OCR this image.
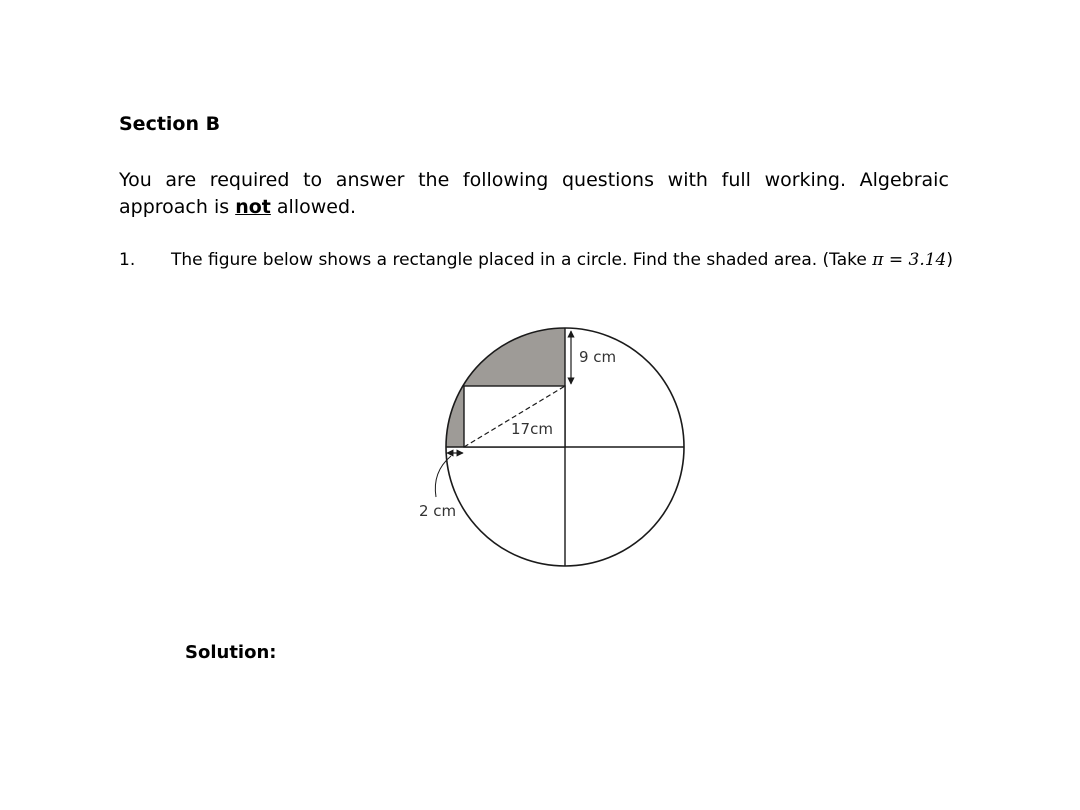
Section B
You are required to answer the following questions with full working. Algebraic
approach is not allowed.
1. The figure below shows a rectangle placed in a circle. Find the shaded area. (Take π = 3.14)
9 cm
17cm
2 cm
Solution:
